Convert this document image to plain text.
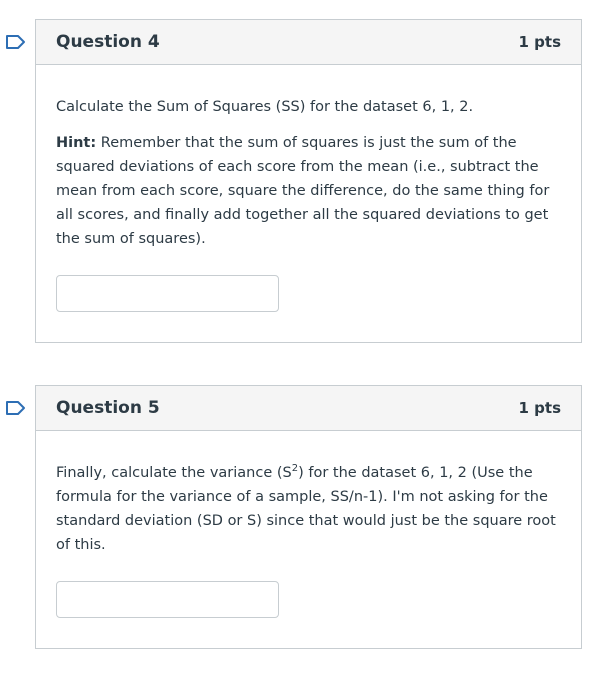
Question 4	1 pts

Calculate the Sum of Squares (SS) for the dataset 6, 1, 2.

Hint: Remember that the sum of squares is just the sum of the squared deviations of each score from the mean (i.e., subtract the mean from each score, square the difference, do the same thing for all scores, and finally add together all the squared deviations to get the sum of squares).

Question 5	1 pts

Finally, calculate the variance $(S^2)$ for the dataset 6, 1, 2 (Use the formula for the variance of a sample, SS/n-1). I'm not asking for the standard deviation (SD or S) since that would just be the square root of this.
